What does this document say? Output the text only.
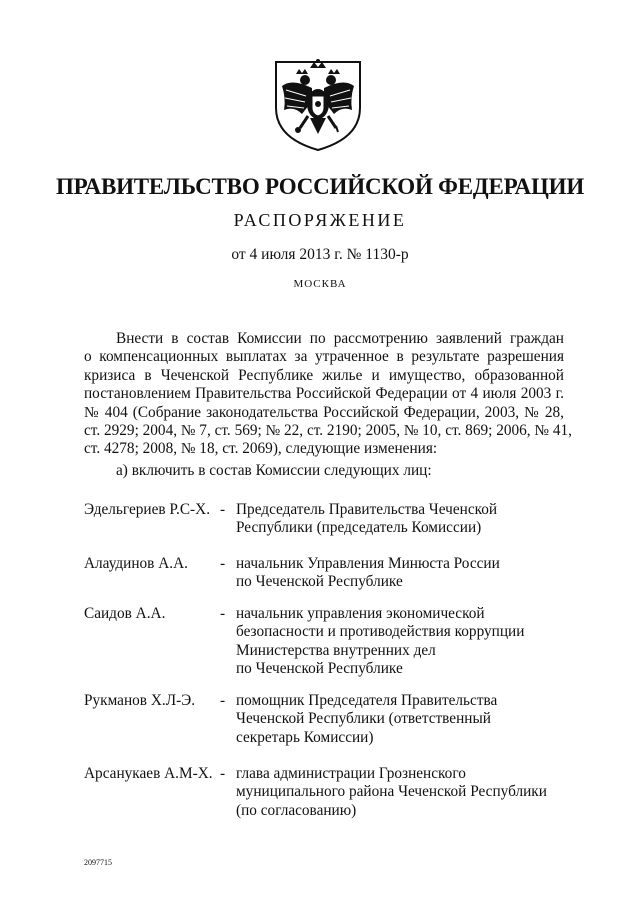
ПРАВИТЕЛЬСТВО РОССИЙСКОЙ ФЕДЕРАЦИИ
РАСПОРЯЖЕНИЕ
от 4 июля 2013 г. № 1130-р
МОСКВА
Внести в состав Комиссии по рассмотрению заявлений граждан
о компенсационных выплатах за утраченное в результате разрешения
кризиса в Чеченской Республике жилье и имущество, образованной
постановлением Правительства Российской Федерации от 4 июля 2003 г.
№ 404 (Собрание законодательства Российской Федерации, 2003, № 28,
ст. 2929; 2004, № 7, ст. 569; № 22, ст. 2190; 2005, № 10, ст. 869; 2006, № 41,
ст. 4278; 2008, № 18, ст. 2069), следующие изменения:
а) включить в состав Комиссии следующих лиц:
Эдельгериев Р.С-Х. - Председатель Правительства Чеченской
Республики (председатель Комиссии)
Алаудинов А.А. - начальник Управления Минюста России
по Чеченской Республике
Саидов А.А.	- начальник управления экономической
безопасности и противодействия коррупции
Министерства внутренних дел
по Чеченской Республике
Рукманов Х.Л-Э. - помощник Председателя Правительства
Чеченской Республики (ответственный
секретарь Комиссии)
Арсанукаев А.М-Х. - глава администрации Грозненского
муниципального района Чеченской Республики
(по согласованию)
2097715
